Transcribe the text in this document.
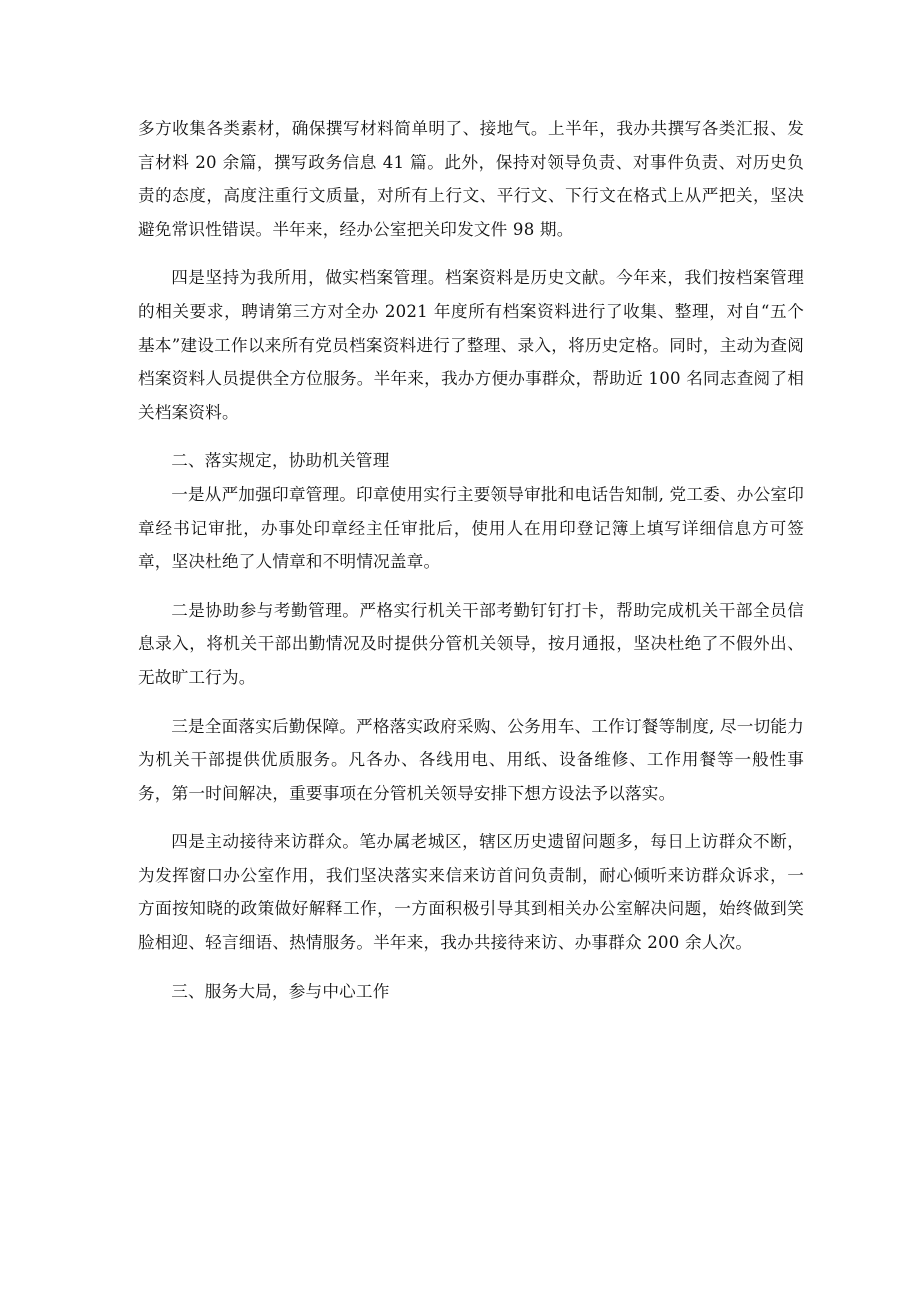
多方收集各类素材，确保撰写材料简单明了、接地气。上半年，我办共撰写各类汇报、发言材料 20 余篇，撰写政务信息 41 篇。此外，保持对领导负责、对事件负责、对历史负责的态度，高度注重行文质量，对所有上行文、平行文、下行文在格式上从严把关，坚决避免常识性错误。半年来，经办公室把关印发文件 98 期。

四是坚持为我所用，做实档案管理。档案资料是历史文献。今年来，我们按档案管理的相关要求，聘请第三方对全办 2021 年度所有档案资料进行了收集、整理，对自“五个基本”建设工作以来所有党员档案资料进行了整理、录入，将历史定格。同时，主动为查阅档案资料人员提供全方位服务。半年来，我办方便办事群众，帮助近 100 名同志查阅了相关档案资料。

二、落实规定，协助机关管理

一是从严加强印章管理。印章使用实行主要领导审批和电话告知制, 党工委、办公室印章经书记审批，办事处印章经主任审批后，使用人在用印登记簿上填写详细信息方可签章，坚决杜绝了人情章和不明情况盖章。

二是协助参与考勤管理。严格实行机关干部考勤钉钉打卡，帮助完成机关干部全员信息录入，将机关干部出勤情况及时提供分管机关领导，按月通报，坚决杜绝了不假外出、无故旷工行为。

三是全面落实后勤保障。严格落实政府采购、公务用车、工作订餐等制度, 尽一切能力为机关干部提供优质服务。凡各办、各线用电、用纸、设备维修、工作用餐等一般性事务，第一时间解决，重要事项在分管机关领导安排下想方设法予以落实。

四是主动接待来访群众。笔办属老城区，辖区历史遗留问题多，每日上访群众不断，为发挥窗口办公室作用，我们坚决落实来信来访首问负责制，耐心倾听来访群众诉求，一方面按知晓的政策做好解释工作，一方面积极引导其到相关办公室解决问题，始终做到笑脸相迎、轻言细语、热情服务。半年来，我办共接待来访、办事群众 200 余人次。

三、服务大局，参与中心工作
